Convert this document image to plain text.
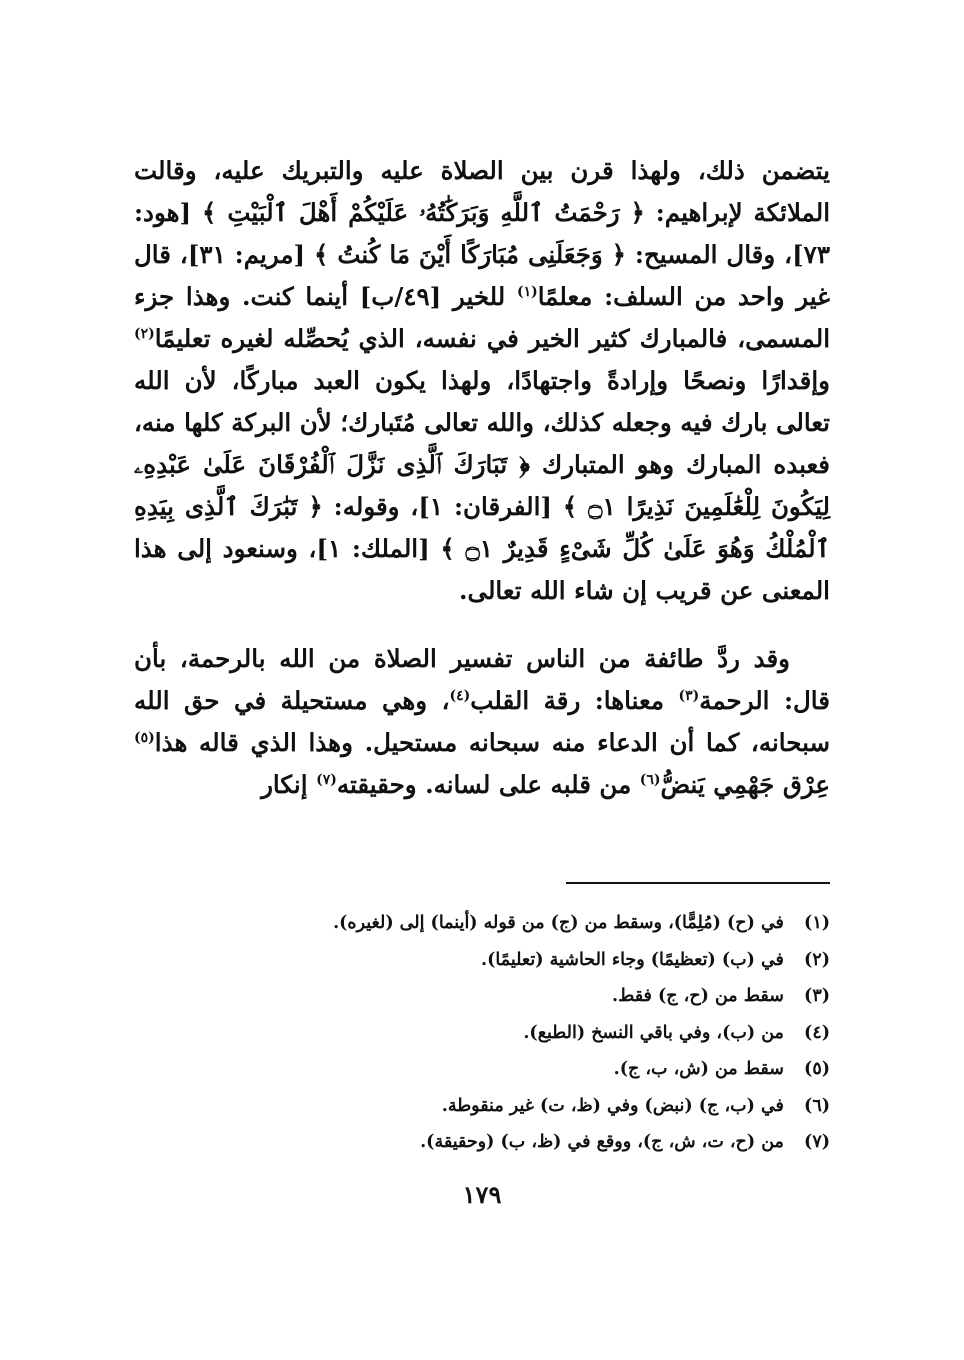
يتضمن ذلك، ولهذا قرن بين الصلاة عليه والتبريك عليه، وقالت الملائكة لإبراهيم: ﴿ رَحْمَتُ ٱللَّهِ وَبَرَكَٰتُهُۥ عَلَيْكُمْ أَهْلَ ٱلْبَيْتِ ﴾ [هود: ٧٣]، وقال المسيح: ﴿ وَجَعَلَنِى مُبَارَكًا أَيْنَ مَا كُنتُ ﴾ [مريم: ٣١]، قال غير واحد من السلف: معلمًا$^{(١)}$ للخير [٤٩/ب] أينما كنت. وهذا جزء المسمى، فالمبارك كثير الخير في نفسه، الذي يُحصِّله لغيره تعليمًا$^{(٢)}$ وإقدارًا ونصحًا وإرادةً واجتهادًا، ولهذا يكون العبد مباركًا، لأن الله تعالى بارك فيه وجعله كذلك، والله تعالى مُتَبارك؛ لأن البركة كلها منه، فعبده المبارك وهو المتبارك ﴿ تَبَارَكَ ٱلَّذِى نَزَّلَ ٱلْفُرْقَانَ عَلَىٰ عَبْدِهِۦ لِيَكُونَ لِلْعَٰلَمِينَ نَذِيرًا ۝١ ﴾ [الفرقان: ١]، وقوله: ﴿ تَبَٰرَكَ ٱلَّذِى بِيَدِهِ ٱلْمُلْكُ وَهُوَ عَلَىٰ كُلِّ شَىْءٍ قَدِيرٌ ۝١ ﴾ [الملك: ١]، وسنعود إلى هذا المعنى عن قريب إن شاء الله تعالى.

وقد ردَّ طائفة من الناس تفسير الصلاة من الله بالرحمة، بأن قال: الرحمة$^{(٣)}$ معناها: رقة القلب$^{(٤)}$، وهي مستحيلة في حق الله سبحانه، كما أن الدعاء منه سبحانه مستحيل. وهذا الذي قاله هذا$^{(٥)}$ عِرْق جَهْمِي يَنضُّ$^{(٦)}$ من قلبه على لسانه. وحقيقته$^{(٧)}$ إنكار

(١) في (ح) (مُلِمًّا)، وسقط من (ج) من قوله (أينما) إلى (لغيره).
(٢) في (ب) (تعظيمًا) وجاء الحاشية (تعليمًا).
(٣) سقط من (ح، ج) فقط.
(٤) من (ب)، وفي باقي النسخ (الطبع).
(٥) سقط من (ش، ب، ج).
(٦) في (ب، ج) (نبض) وفي (ظ، ت) غير منقوطة.
(٧) من (ح، ت، ش، ج)، ووقع في (ظ، ب) (وحقيقة).
١٧٩
